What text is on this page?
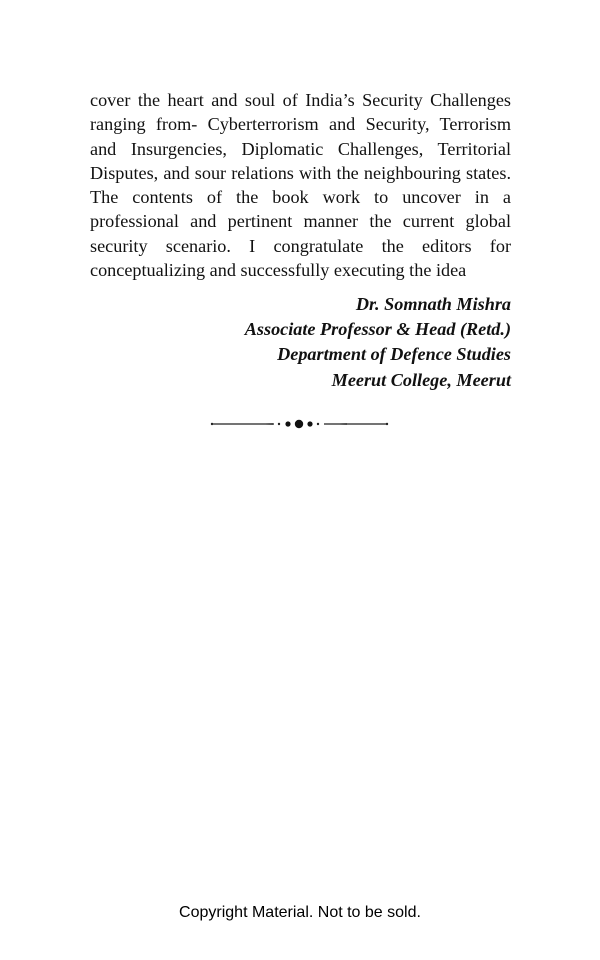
cover the heart and soul of India’s Security Challenges
ranging from- Cyberterrorism and Security, Terrorism
and Insurgencies, Diplomatic Challenges, Territorial
Disputes, and sour relations with the neighbouring states.
The contents of the book work to uncover in a
professional and pertinent manner the current global
security scenario. I congratulate the editors for
conceptualizing and successfully executing the idea
Dr. Somnath Mishra
Associate Professor & Head (Retd.)
Department of Defence Studies
Meerut College, Meerut
Copyright Material. Not to be sold.
